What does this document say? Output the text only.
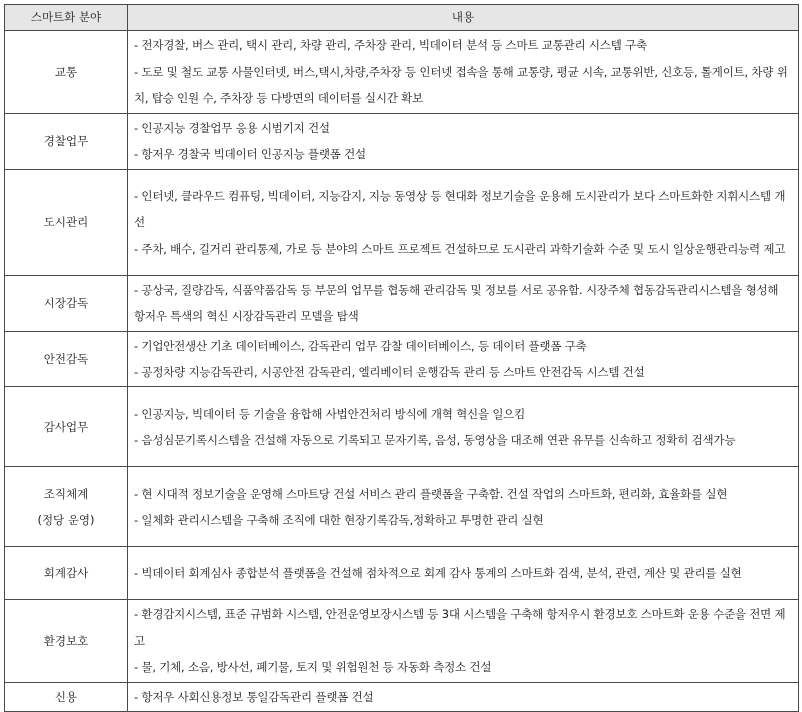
스마트화 분야	내용
교통	- 전자경찰, 버스 관리, 택시 관리, 차량 관리, 주차장 관리, 빅데이터 분석 등 스마트 교통관리 시스템 구축
- 도로 및 철도 교통 사물인터넷, 버스,택시,차량,주차장 등 인터넷 접속을 통해 교통량, 평균 시속, 교통위반, 신호등, 톨게이트, 차량 위치, 탑승 인원 수, 주차장 등 다방면의 데이터를 실시간 확보

경찰업무	- 인공지능 경찰업무 응용 시범기지 건설
- 항저우 경찰국 빅데이터 인공지능 플랫폼 건설

도시관리	- 인터넷, 클라우드 컴퓨팅, 빅데이터, 지능감지, 지능 동영상 등 현대화 정보기술을 운용해 도시관리가 보다 스마트화한 지휘시스템 개선
- 주차, 배수, 길거리 관리통제, 가로 등 분야의 스마트 프로젝트 건설하므로 도시관리 과학기술화 수준 및 도시 일상운행관리능력 제고

시장감독	- 공상국, 질량감독, 식품약품감독 등 부문의 업무를 협동해 관리감독 및 정보를 서로 공유함. 시장주체 협동감독관리시스템을 형성해 항저우 특색의 혁신 시장감독관리 모델을 탐색

안전감독	- 기업안전생산 기초 데이터베이스, 감독관리 업무 감찰 데이터베이스, 등 데이터 플랫폼 구축
- 공정차량 지능감독관리, 시공안전 감독관리, 엘리베이터 운행감독 관리 등 스마트 안전감독 시스템 건설

감사업무	- 인공지능, 빅데이터 등 기술을 융합해 사법안건처리 방식에 개혁 혁신을 일으킴
- 음성심문기록시스템을 건설해 자동으로 기록되고 문자기록, 음성, 동영상을 대조해 연관 유무를 신속하고 정확히 검색가능

조직체계
(정당 운영)	- 현 시대적 정보기술을 운영해 스마트당 건설 서비스 관리 플랫폼을 구축함. 건설 작업의 스마트화, 편리화, 효율화를 실현
- 일체화 관리시스템을 구축해 조직에 대한 현장기록감독,정확하고 투명한 관리 실현

회계감사	- 빅데이터 회계심사 종합분석 플랫폼을 건설해 점차적으로 회계 감사 통계의 스마트화 검색, 분석, 관련, 계산 및 관리를 실현

환경보호	- 환경감지시스템, 표준 규범화 시스템, 안전운영보장시스템 등 3대 시스템을 구축해 항저우시 환경보호 스마트화 운용 수준을 전면 제고
- 물, 기체, 소음, 방사선, 폐기물, 토지 및 위험원천 등 자동화 측정소 건설

신용	- 항저우 사회신용정보 통일감독관리 플랫폼 건설
